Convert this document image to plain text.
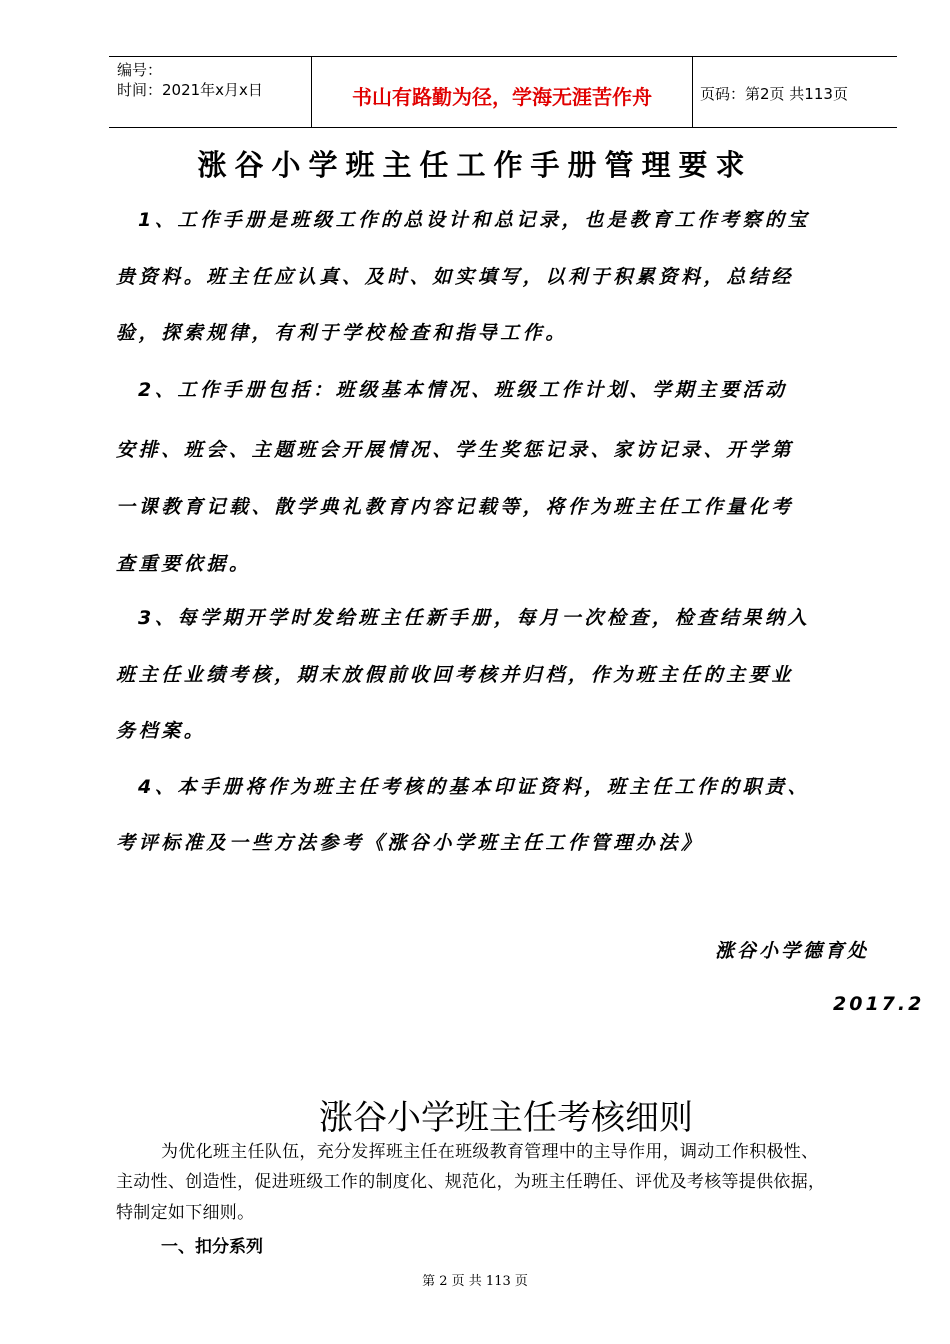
编号：
时间：2021年x月x日	书山有路勤为径，学海无涯苦作舟	页码：第2页 共113页
涨谷小学班主任工作手册管理要求
1、工作手册是班级工作的总设计和总记录，也是教育工作考察的宝
贵资料。班主任应认真、及时、如实填写，以利于积累资料，总结经
验，探索规律，有利于学校检查和指导工作。
2、工作手册包括：班级基本情况、班级工作计划、学期主要活动
安排、班会、主题班会开展情况、学生奖惩记录、家访记录、开学第
一课教育记载、散学典礼教育内容记载等，将作为班主任工作量化考
查重要依据。
3、每学期开学时发给班主任新手册，每月一次检查，检查结果纳入
班主任业绩考核，期末放假前收回考核并归档，作为班主任的主要业
务档案。
4、本手册将作为班主任考核的基本印证资料，班主任工作的职责、
考评标准及一些方法参考《涨谷小学班主任工作管理办法》
涨谷小学德育处
2017.2
涨谷小学班主任考核细则
为优化班主任队伍，充分发挥班主任在班级教育管理中的主导作用，调动工作积极性、
主动性、创造性，促进班级工作的制度化、规范化，为班主任聘任、评优及考核等提供依据，
特制定如下细则。
一、扣分系列
第 2 页 共 113 页
